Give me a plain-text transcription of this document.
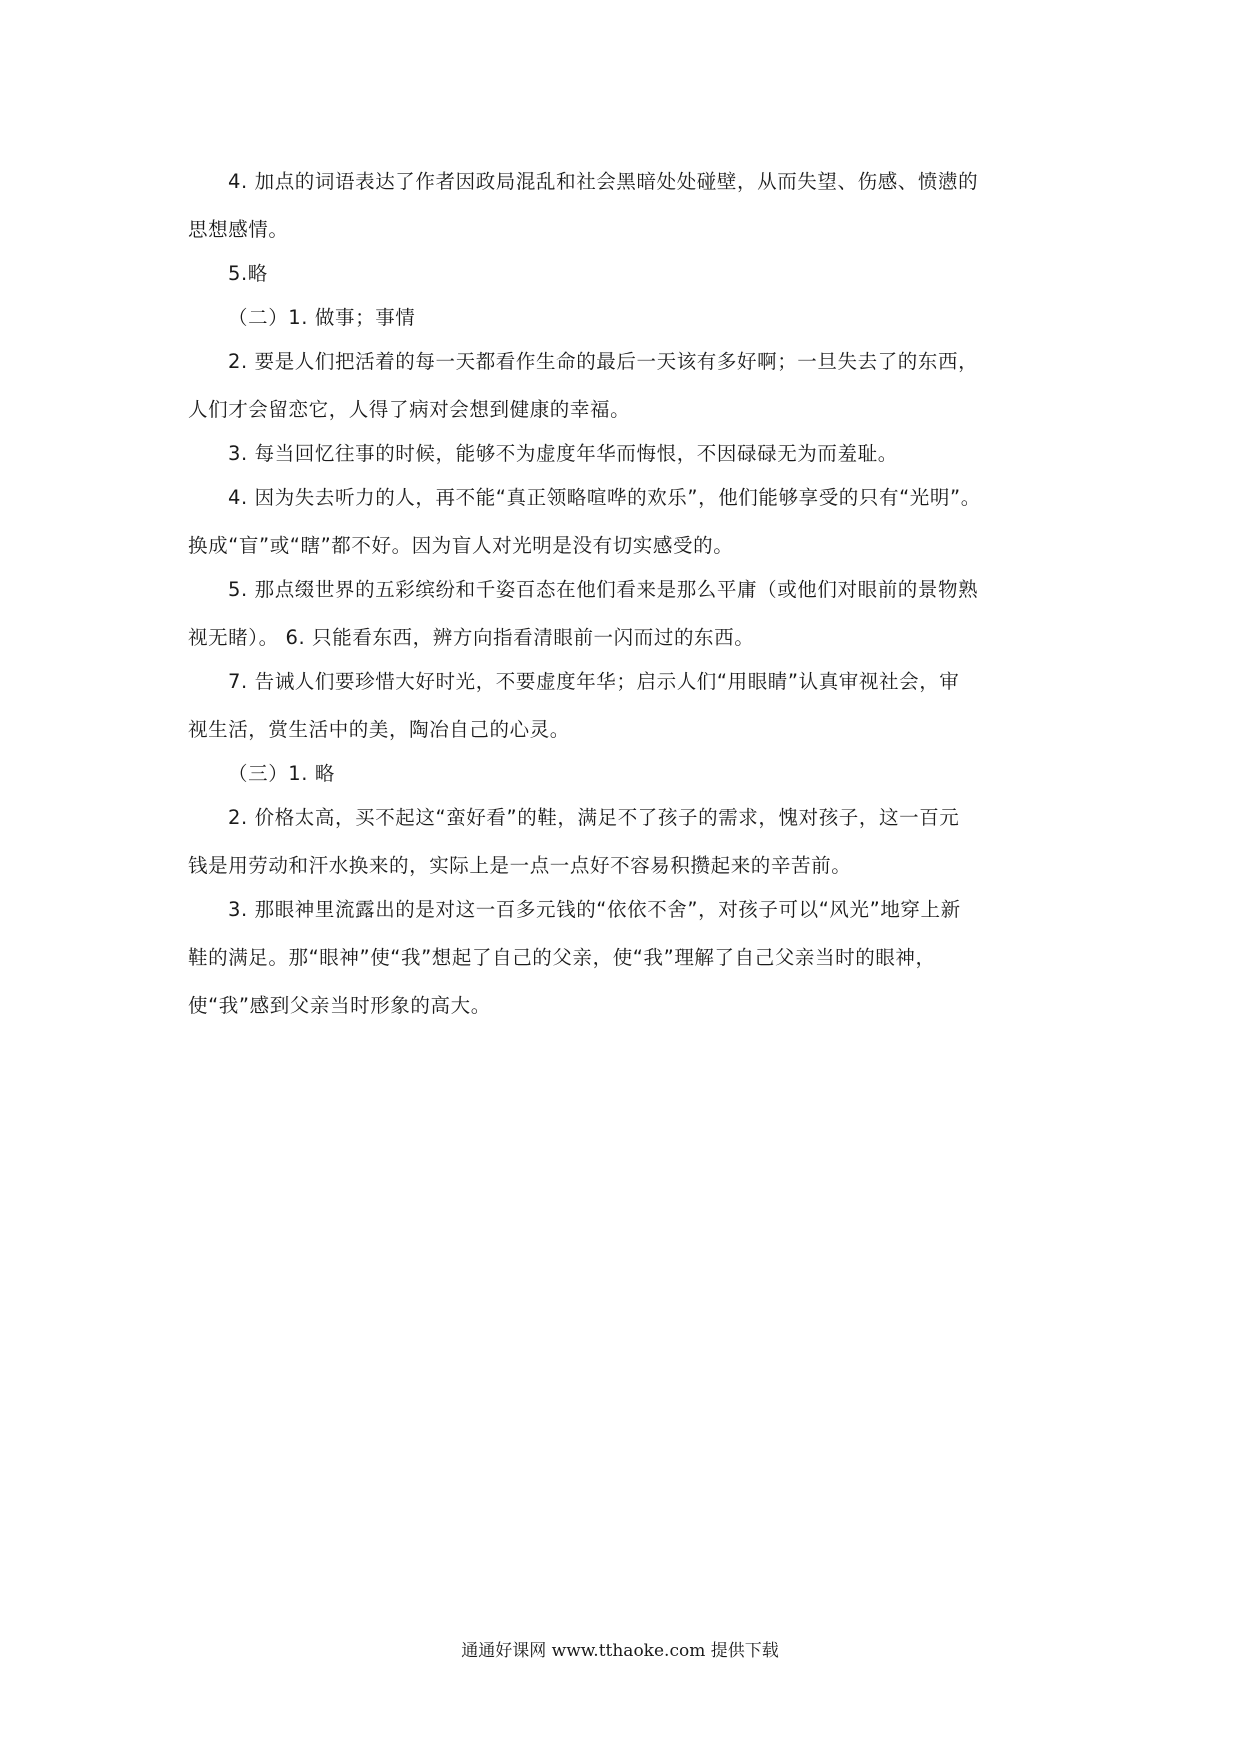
4. 加点的词语表达了作者因政局混乱和社会黑暗处处碰壁，从而失望、伤感、愤懑的
思想感情。

5.略

（二）1. 做事；事情

2. 要是人们把活着的每一天都看作生命的最后一天该有多好啊；一旦失去了的东西，
人们才会留恋它，人得了病对会想到健康的幸福。

3. 每当回忆往事的时候，能够不为虚度年华而悔恨，不因碌碌无为而羞耻。

4. 因为失去听力的人，再不能“真正领略喧哗的欢乐”，他们能够享受的只有“光明”。
换成“盲”或“瞎”都不好。因为盲人对光明是没有切实感受的。

5. 那点缀世界的五彩缤纷和千姿百态在他们看来是那么平庸（或他们对眼前的景物熟
视无睹）。 6. 只能看东西，辨方向指看清眼前一闪而过的东西。

7. 告诫人们要珍惜大好时光，不要虚度年华；启示人们“用眼睛”认真审视社会，审
视生活，赏生活中的美，陶冶自己的心灵。

（三）1. 略

2. 价格太高，买不起这“蛮好看”的鞋，满足不了孩子的需求，愧对孩子，这一百元
钱是用劳动和汗水换来的，实际上是一点一点好不容易积攒起来的辛苦前。

3. 那眼神里流露出的是对这一百多元钱的“依依不舍”，对孩子可以“风光”地穿上新
鞋的满足。那“眼神”使“我”想起了自己的父亲，使“我”理解了自己父亲当时的眼神，
使“我”感到父亲当时形象的高大。

通通好课网 www.tthaoke.com 提供下载
